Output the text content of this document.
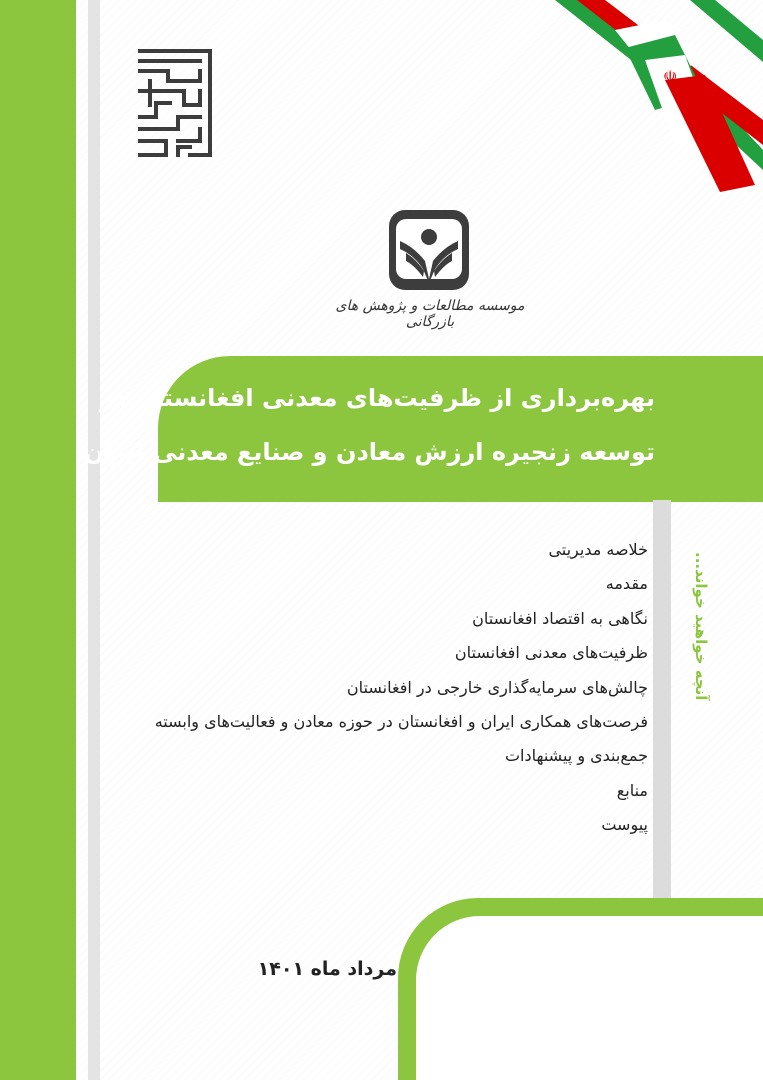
☫
موسسه مطالعات و پژوهش های بازرگانی
بهره‌برداری از ظرفیت‌های معدنی افغانستان در
توسعه زنجیره ارزش معادن و صنایع معدنی ایران
آنچه خواهید خواند...
خلاصه مدیریتی
مقدمه
نگاهی به اقتصاد افغانستان
ظرفیت‌های معدنی افغانستان
چالش‌های سرمایه‌گذاری خارجی در افغانستان
فرصت‌های همکاری ایران و افغانستان در حوزه معادن و فعالیت‌های وابسته
جمع‌بندی و پیشنهادات
منابع
پیوست
مرداد ماه ۱۴۰۱
